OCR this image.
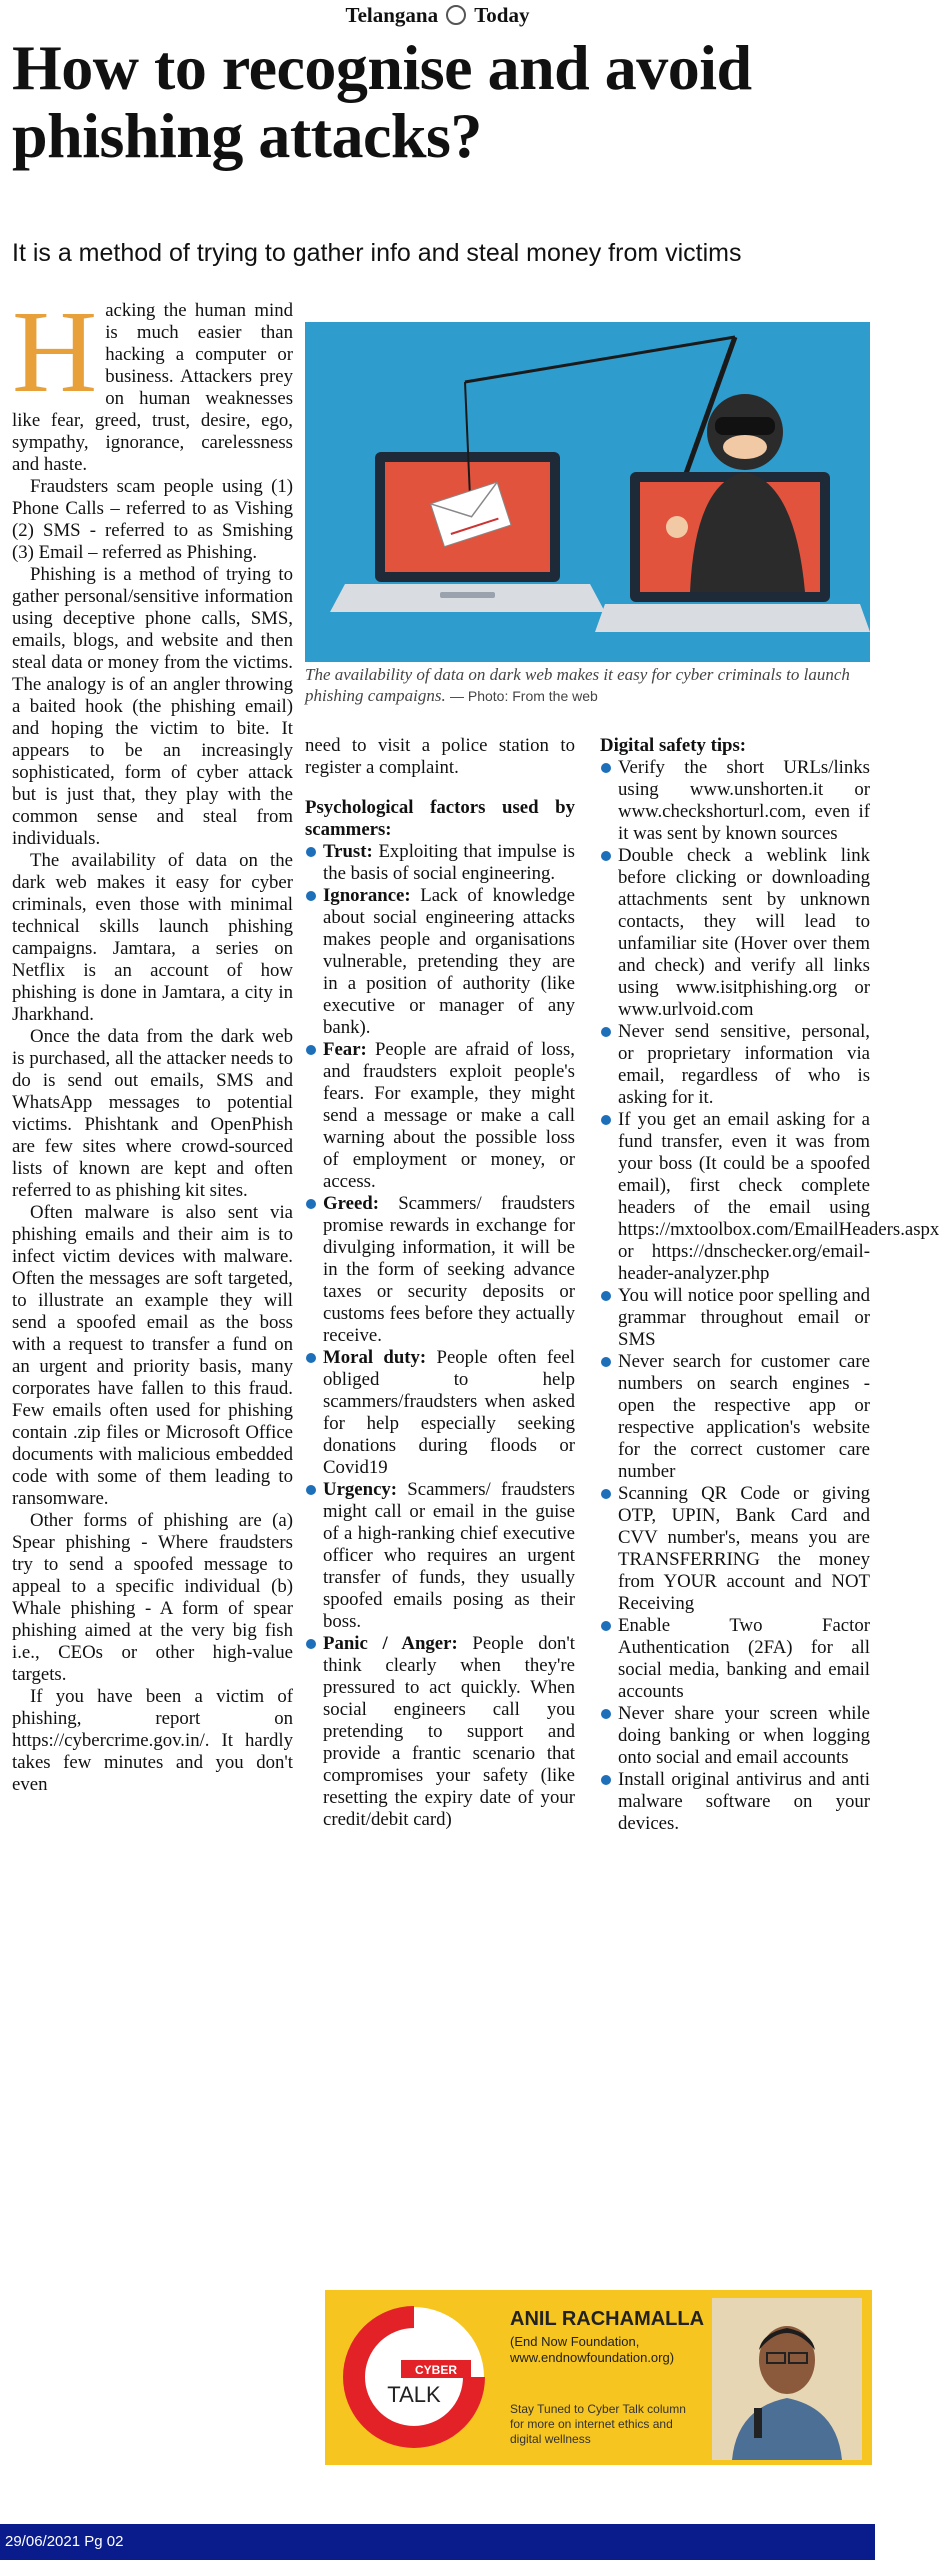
Telangana Today
How to recognise and avoid phishing attacks?

It is a method of trying to gather info and steal money from victims

H acking the human mind is much easier than hacking a computer or business. Attackers prey on human weaknesses like fear, greed, trust, desire, ego, sympathy, ignorance, carelessness and haste.

Fraudsters scam people using (1) Phone Calls – referred to as Vishing (2) SMS - referred to as Smishing (3) Email – referred as Phishing.

Phishing is a method of trying to gather personal/sensitive information using deceptive phone calls, SMS, emails, blogs, and website and then steal data or money from the victims. The analogy is of an angler throwing a baited hook (the phishing email) and hoping the victim to bite. It appears to be an increasingly sophisticated, form of cyber attack but is just that, they play with the common sense and steal from individuals.

The availability of data on the dark web makes it easy for cyber criminals, even those with minimal technical skills launch phishing campaigns. Jamtara, a series on Netflix is an account of how phishing is done in Jamtara, a city in Jharkhand.

Once the data from the dark web is purchased, all the attacker needs to do is send out emails, SMS and WhatsApp messages to potential victims. Phishtank and OpenPhish are few sites where crowd-sourced lists of known are kept and often referred to as phishing kit sites.

Often malware is also sent via phishing emails and their aim is to infect victim devices with malware. Often the messages are soft targeted, to illustrate an example they will send a spoofed email as the boss with a request to transfer a fund on an urgent and priority basis, many corporates have fallen to this fraud. Few emails often used for phishing contain .zip files or Microsoft Office documents with malicious embedded code with some of them leading to ransomware.

Other forms of phishing are (a) Spear phishing - Where fraudsters try to send a spoofed message to appeal to a specific individual (b) Whale phishing - A form of spear phishing aimed at the very big fish i.e., CEOs or other high-value targets.

If you have been a victim of phishing, report on https://cybercrime.gov.in/. It hardly takes few minutes and you don't even

The availability of data on dark web makes it easy for cyber criminals to launch phishing campaigns. — Photo: From the web

need to visit a police station to register a complaint.

Psychological factors used by scammers:
Trust: Exploiting that impulse is the basis of social engineering.
Ignorance: Lack of knowledge about social engineering attacks makes people and organisations vulnerable, pretending they are in a position of authority (like executive or manager of any bank).
Fear: People are afraid of loss, and fraudsters exploit people's fears. For example, they might send a message or make a call warning about the possible loss of employment or money, or access.
Greed: Scammers/ fraudsters promise rewards in exchange for divulging information, it will be in the form of seeking advance taxes or security deposits or customs fees before they actually receive.
Moral duty: People often feel obliged to help scammers/fraudsters when asked for help especially seeking donations during floods or Covid19
Urgency: Scammers/ fraudsters might call or email in the guise of a high-ranking chief executive officer who requires an urgent transfer of funds, they usually spoofed emails posing as their boss.
Panic / Anger: People don't think clearly when they're pressured to act quickly. When social engineers call you pretending to support and provide a frantic scenario that compromises your safety (like resetting the expiry date of your credit/debit card)
Digital safety tips:
Verify the short URLs/links using www.unshorten.it or www.checkshorturl.com, even if it was sent by known sources
Double check a weblink link before clicking or downloading attachments sent by unknown contacts, they will lead to unfamiliar site (Hover over them and check) and verify all links using www.isitphishing.org or www.urlvoid.com
Never send sensitive, personal, or proprietary information via email, regardless of who is asking for it.
If you get an email asking for a fund transfer, even it was from your boss (It could be a spoofed email), first check complete headers of the email using https://mxtoolbox.com/EmailHeaders.aspx or https://dnschecker.org/email-header-analyzer.php
You will notice poor spelling and grammar throughout email or SMS
Never search for customer care numbers on search engines - open the respective app or respective application's website for the correct customer care number
Scanning QR Code or giving OTP, UPIN, Bank Card and CVV number's, means you are TRANSFERRING the money from YOUR account and NOT Receiving
Enable Two Factor Authentication (2FA) for all social media, banking and email accounts
Never share your screen while doing banking or when logging onto social and email accounts
Install original antivirus and anti malware software on your devices.
CYBER
TALK
ANIL RACHAMALLA
(End Now Foundation,
www.endnowfoundation.org)
Stay Tuned to Cyber Talk column for more on internet ethics and digital wellness
29/06/2021 Pg 02
